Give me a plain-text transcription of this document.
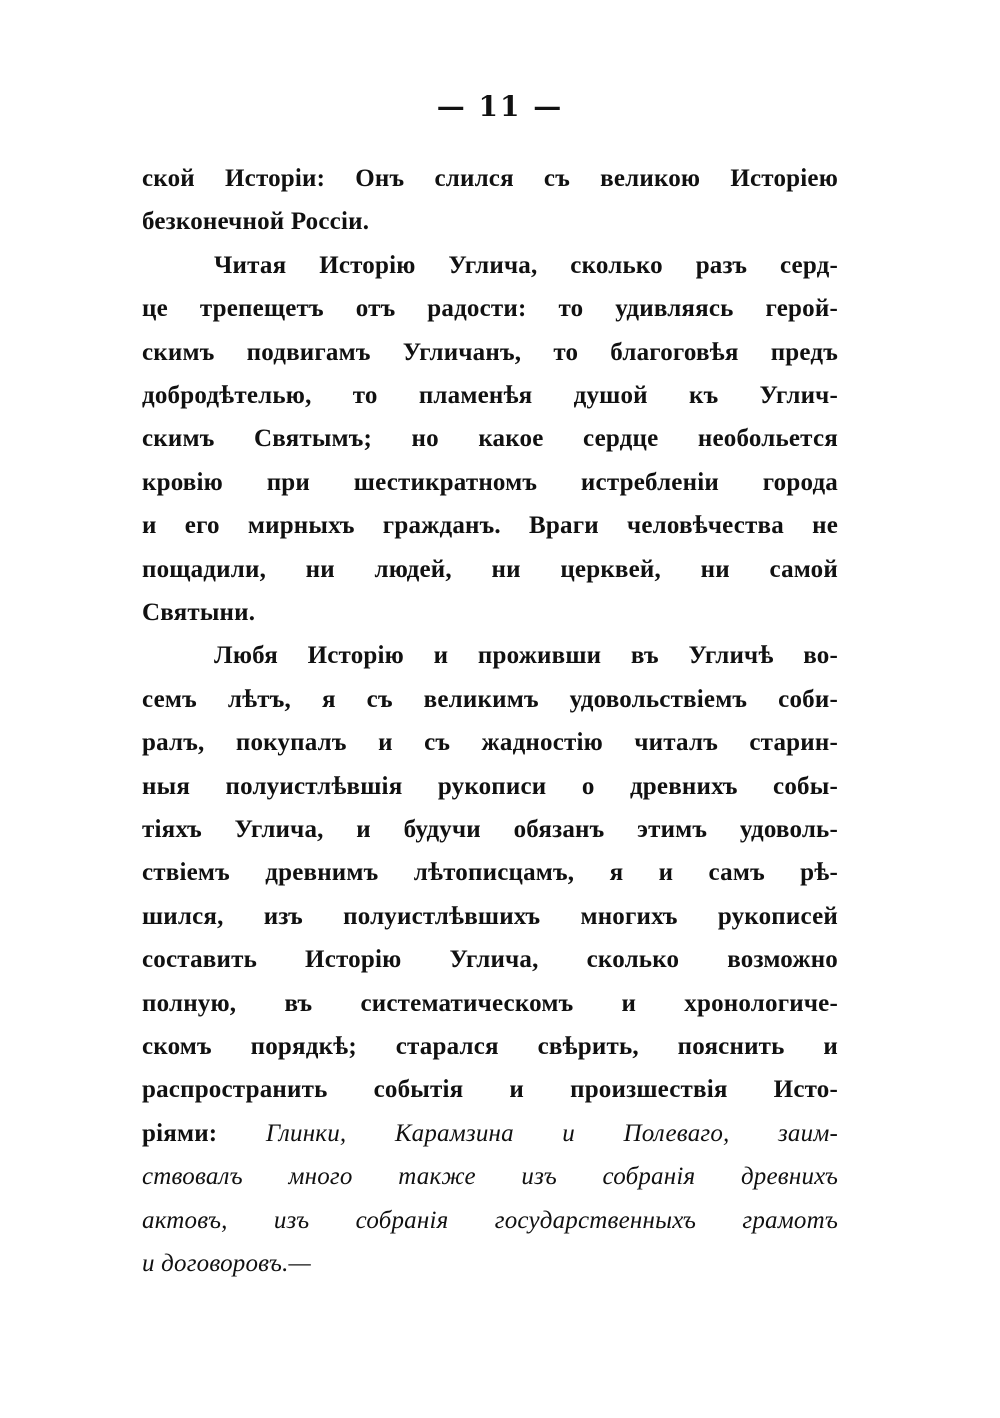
— 11 —
ской Исторіи: Онъ слился съ великою Исторіею
безконечной Россіи.
Читая Исторію Углича, сколько разъ серд-
це трепещетъ отъ радости: то удивляясь герой-
скимъ подвигамъ Угличанъ, то благоговѣя предъ
добродѣтелью, то пламенѣя душой къ Углич-
скимъ Святымъ; но какое сердце необольется
кровію при шестикратномъ истребленіи города
и его мирныхъ гражданъ. Враги человѣчества не
пощадили, ни людей, ни церквей, ни самой
Святыни.
Любя Исторію и проживши въ Угличѣ во-
семъ лѣтъ, я съ великимъ удовольствіемъ соби-
ралъ, покупалъ и съ жадностію читалъ старин-
ныя полуистлѣвшія рукописи о древнихъ собы-
тіяхъ Углича, и будучи обязанъ этимъ удоволь-
ствіемъ древнимъ лѣтописцамъ, я и самъ рѣ-
шился, изъ полуистлѣвшихъ многихъ рукописей
составить Исторію Углича, сколько возможно
полную, въ систематическомъ и хронологиче-
скомъ порядкѣ; старался свѣрить, пояснить и
распространить событія и произшествія Исто-
ріями: Глинки, Карамзина и Полеваго, заим-
ствовалъ много также изъ собранія древнихъ
актовъ, изъ собранія государственныхъ грамотъ
и договоровъ.—
